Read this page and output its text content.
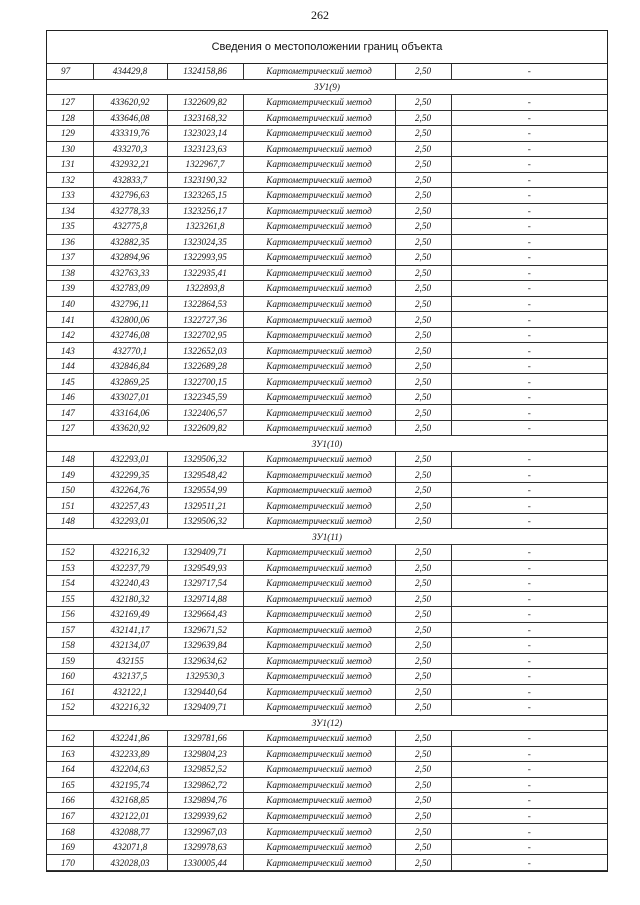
262
Сведения о местоположении границ объекта
97	434429,8	1324158,86	Картометрический метод	2,50	-
ЗУ1(9)					
127	433620,92	1322609,82	Картометрический метод	2,50	-
128	433646,08	1323168,32	Картометрический метод	2,50	-
129	433319,76	1323023,14	Картометрический метод	2,50	-
130	433270,3	1323123,63	Картометрический метод	2,50	-
131	432932,21	1322967,7	Картометрический метод	2,50	-
132	432833,7	1323190,32	Картометрический метод	2,50	-
133	432796,63	1323265,15	Картометрический метод	2,50	-
134	432778,33	1323256,17	Картометрический метод	2,50	-
135	432775,8	1323261,8	Картометрический метод	2,50	-
136	432882,35	1323024,35	Картометрический метод	2,50	-
137	432894,96	1322993,95	Картометрический метод	2,50	-
138	432763,33	1322935,41	Картометрический метод	2,50	-
139	432783,09	1322893,8	Картометрический метод	2,50	-
140	432796,11	1322864,53	Картометрический метод	2,50	-
141	432800,06	1322727,36	Картометрический метод	2,50	-
142	432746,08	1322702,95	Картометрический метод	2,50	-
143	432770,1	1322652,03	Картометрический метод	2,50	-
144	432846,84	1322689,28	Картометрический метод	2,50	-
145	432869,25	1322700,15	Картометрический метод	2,50	-
146	433027,01	1322345,59	Картометрический метод	2,50	-
147	433164,06	1322406,57	Картометрический метод	2,50	-
127	433620,92	1322609,82	Картометрический метод	2,50	-
ЗУ1(10)					
148	432293,01	1329506,32	Картометрический метод	2,50	-
149	432299,35	1329548,42	Картометрический метод	2,50	-
150	432264,76	1329554,99	Картометрический метод	2,50	-
151	432257,43	1329511,21	Картометрический метод	2,50	-
148	432293,01	1329506,32	Картометрический метод	2,50	-
ЗУ1(11)					
152	432216,32	1329409,71	Картометрический метод	2,50	-
153	432237,79	1329549,93	Картометрический метод	2,50	-
154	432240,43	1329717,54	Картометрический метод	2,50	-
155	432180,32	1329714,88	Картометрический метод	2,50	-
156	432169,49	1329664,43	Картометрический метод	2,50	-
157	432141,17	1329671,52	Картометрический метод	2,50	-
158	432134,07	1329639,84	Картометрический метод	2,50	-
159	432155	1329634,62	Картометрический метод	2,50	-
160	432137,5	1329530,3	Картометрический метод	2,50	-
161	432122,1	1329440,64	Картометрический метод	2,50	-
152	432216,32	1329409,71	Картометрический метод	2,50	-
ЗУ1(12)					
162	432241,86	1329781,66	Картометрический метод	2,50	-
163	432233,89	1329804,23	Картометрический метод	2,50	-
164	432204,63	1329852,52	Картометрический метод	2,50	-
165	432195,74	1329862,72	Картометрический метод	2,50	-
166	432168,85	1329894,76	Картометрический метод	2,50	-
167	432122,01	1329939,62	Картометрический метод	2,50	-
168	432088,77	1329967,03	Картометрический метод	2,50	-
169	432071,8	1329978,63	Картометрический метод	2,50	-
170	432028,03	1330005,44	Картометрический метод	2,50	-
